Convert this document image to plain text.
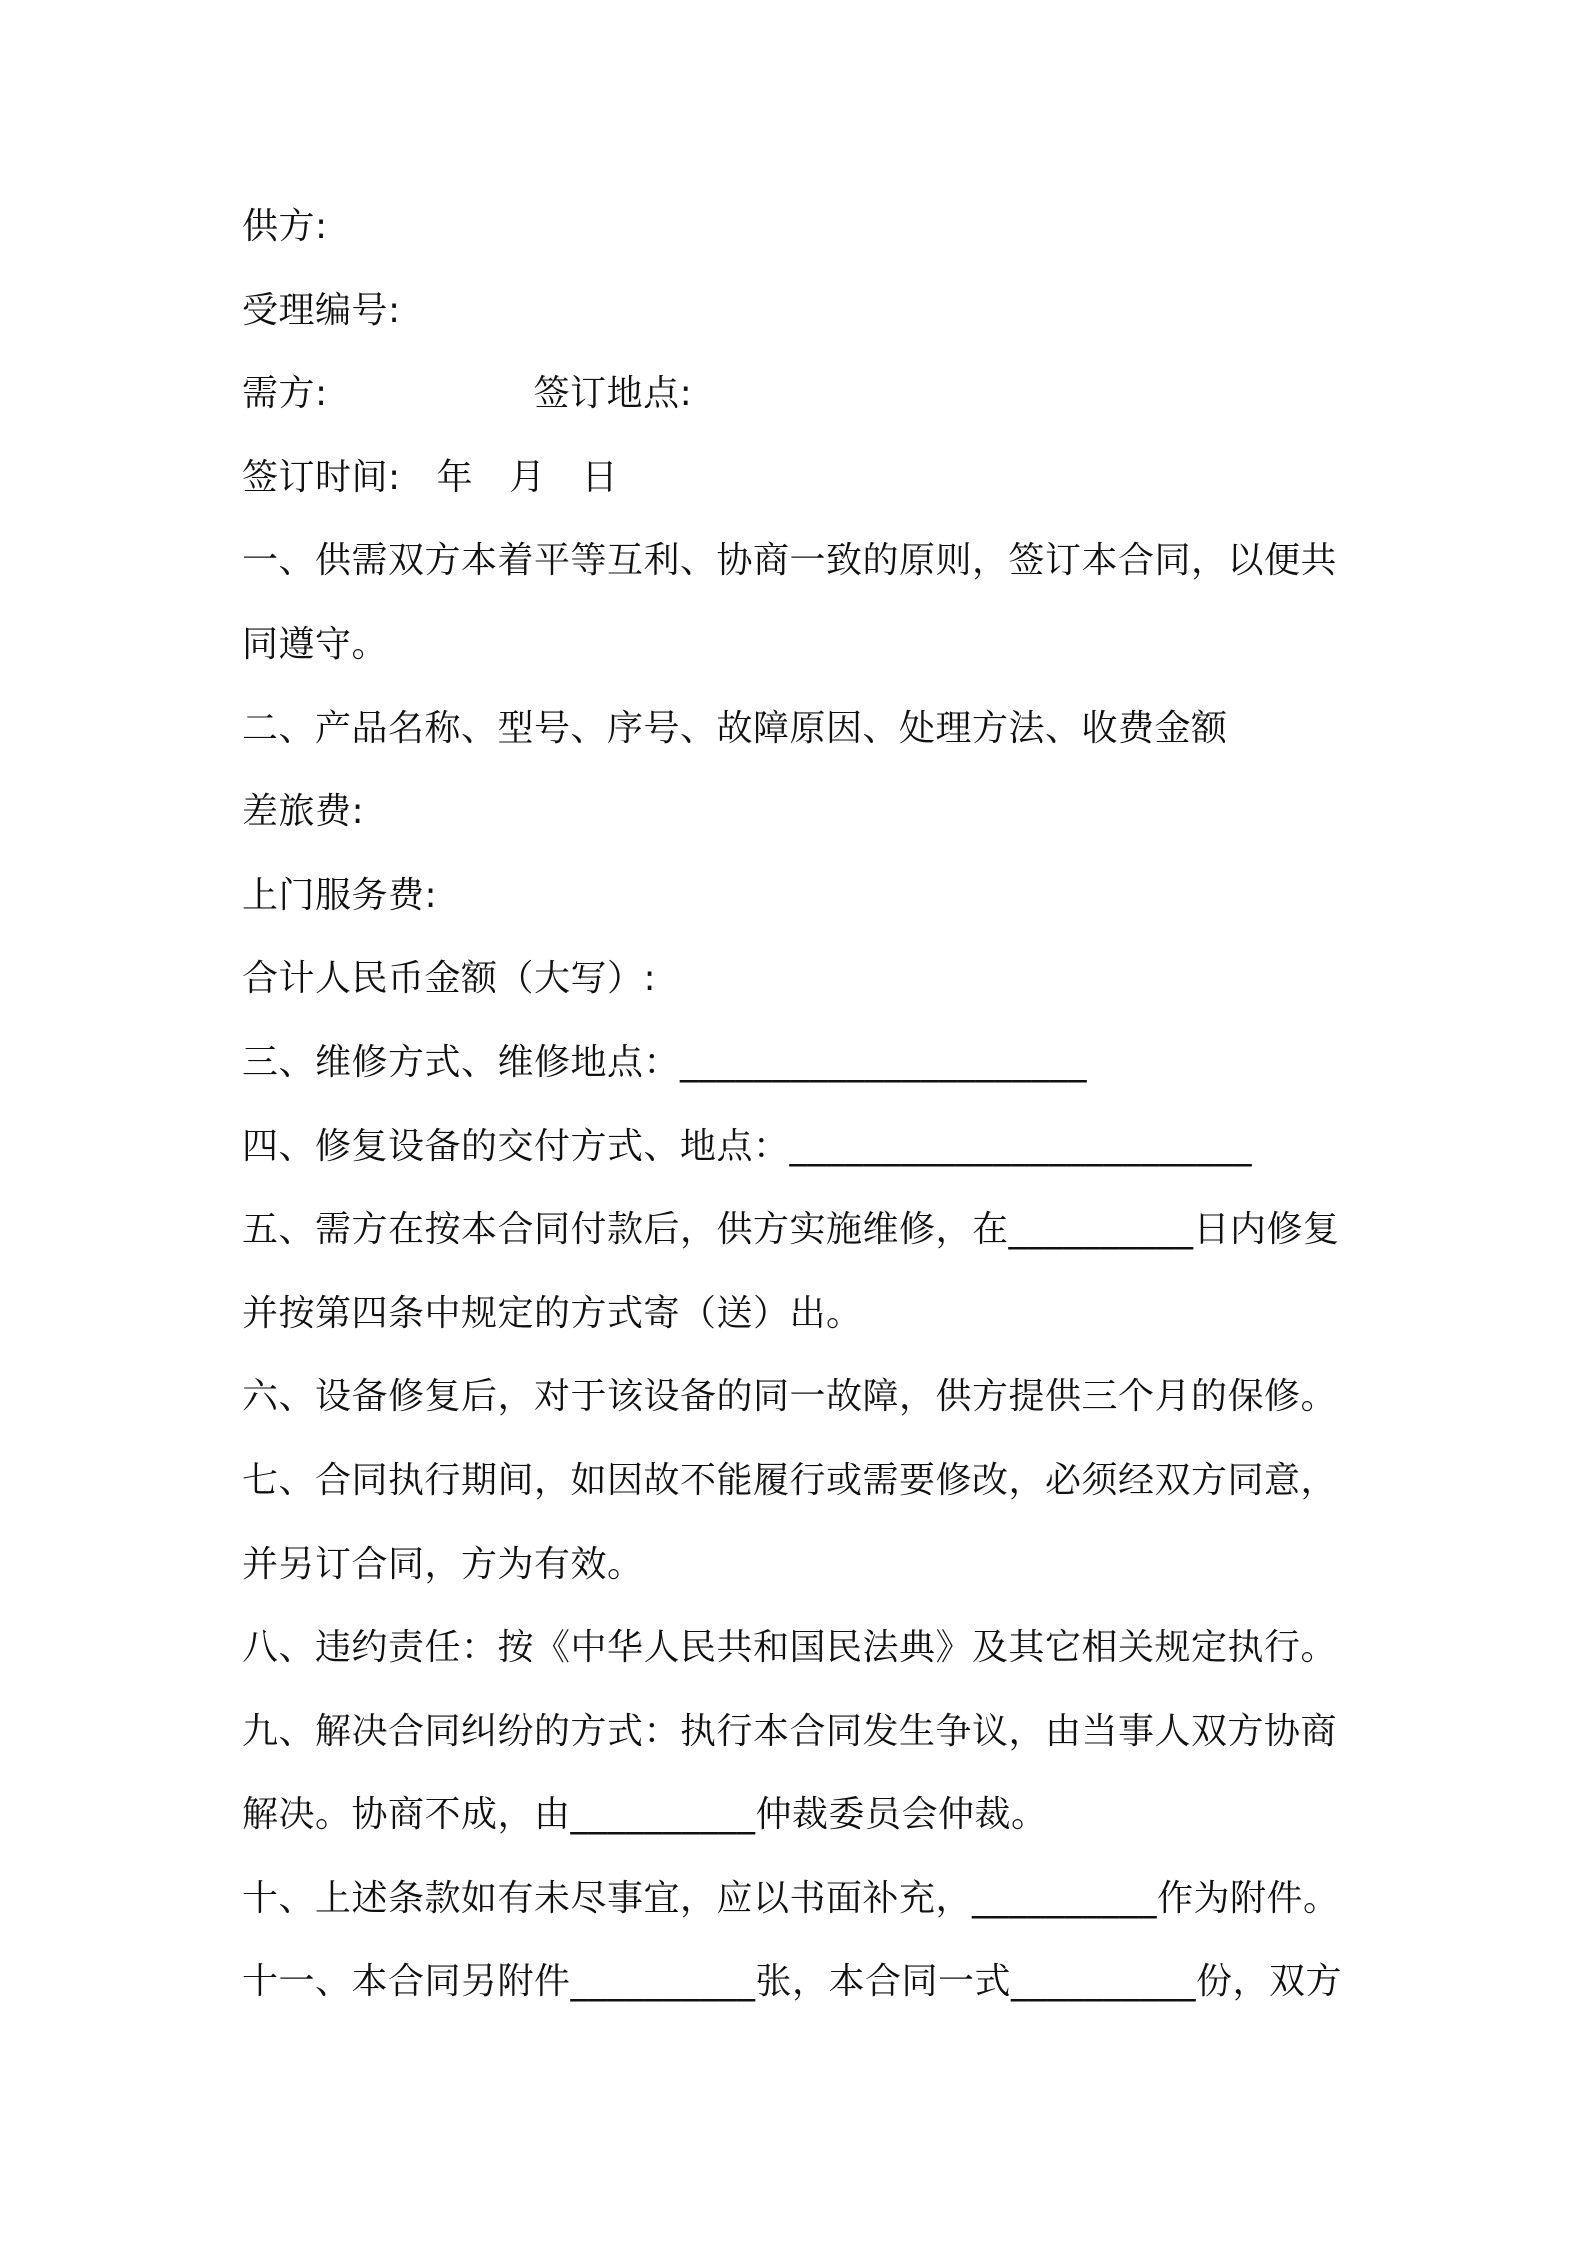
供方:
受理编号:
需方:	签订地点:
签订时间: 年 月 日
一、供需双方本着平等互利、协商一致的原则，签订本合同，以便共
同遵守。
二、产品名称、型号、序号、故障原因、处理方法、收费金额
差旅费:
上门服务费:
合计人民币金额（大写）:
三、维修方式、维修地点：______________________
四、修复设备的交付方式、地点：_________________________
五、需方在按本合同付款后，供方实施维修，在__________日内修复
并按第四条中规定的方式寄（送）出。
六、设备修复后，对于该设备的同一故障，供方提供三个月的保修。
七、合同执行期间，如因故不能履行或需要修改，必须经双方同意，
并另订合同，方为有效。
八、违约责任：按《中华人民共和国民法典》及其它相关规定执行。
九、解决合同纠纷的方式：执行本合同发生争议，由当事人双方协商
解决。协商不成，由__________仲裁委员会仲裁。
十、上述条款如有未尽事宜，应以书面补充，__________作为附件。
十一、本合同另附件__________张，本合同一式__________份，双方
